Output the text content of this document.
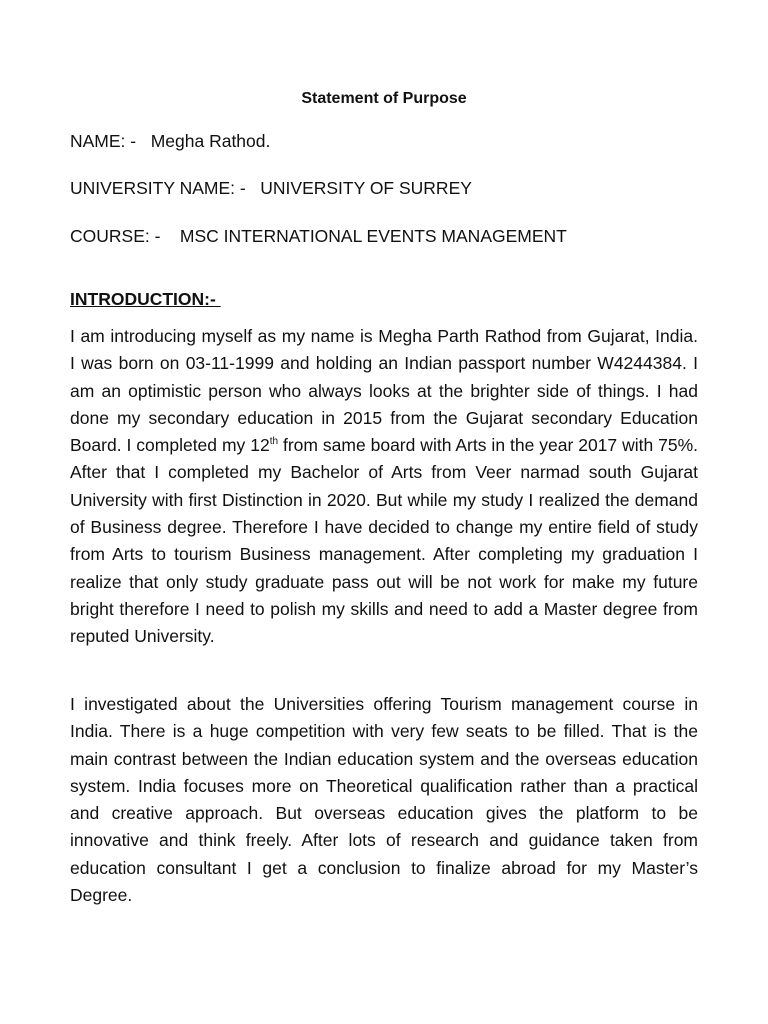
Statement of Purpose
NAME: -   Megha Rathod.
UNIVERSITY NAME: -   UNIVERSITY OF SURREY
COURSE: -    MSC INTERNATIONAL EVENTS MANAGEMENT
INTRODUCTION:-

I am introducing myself as my name is Megha Parth Rathod from Gujarat, India. I was born on 03-11-1999 and holding an Indian passport number W4244384. I am an optimistic person who always looks at the brighter side of things. I had done my secondary education in 2015 from the Gujarat secondary Education Board. I completed my 12th from same board with Arts in the year 2017 with 75%. After that I completed my Bachelor of Arts from Veer narmad south Gujarat University with first Distinction in 2020. But while my study I realized the demand of Business degree. Therefore I have decided to change my entire field of study from Arts to tourism Business management. After completing my graduation I realize that only study graduate pass out will be not work for make my future bright therefore I need to polish my skills and need to add a Master degree from reputed University.

I investigated about the Universities offering Tourism management course in India. There is a huge competition with very few seats to be filled. That is the main contrast between the Indian education system and the overseas education system. India focuses more on Theoretical qualification rather than a practical and creative approach. But overseas education gives the platform to be innovative and think freely. After lots of research and guidance taken from education consultant I get a conclusion to finalize abroad for my Master’s Degree.
